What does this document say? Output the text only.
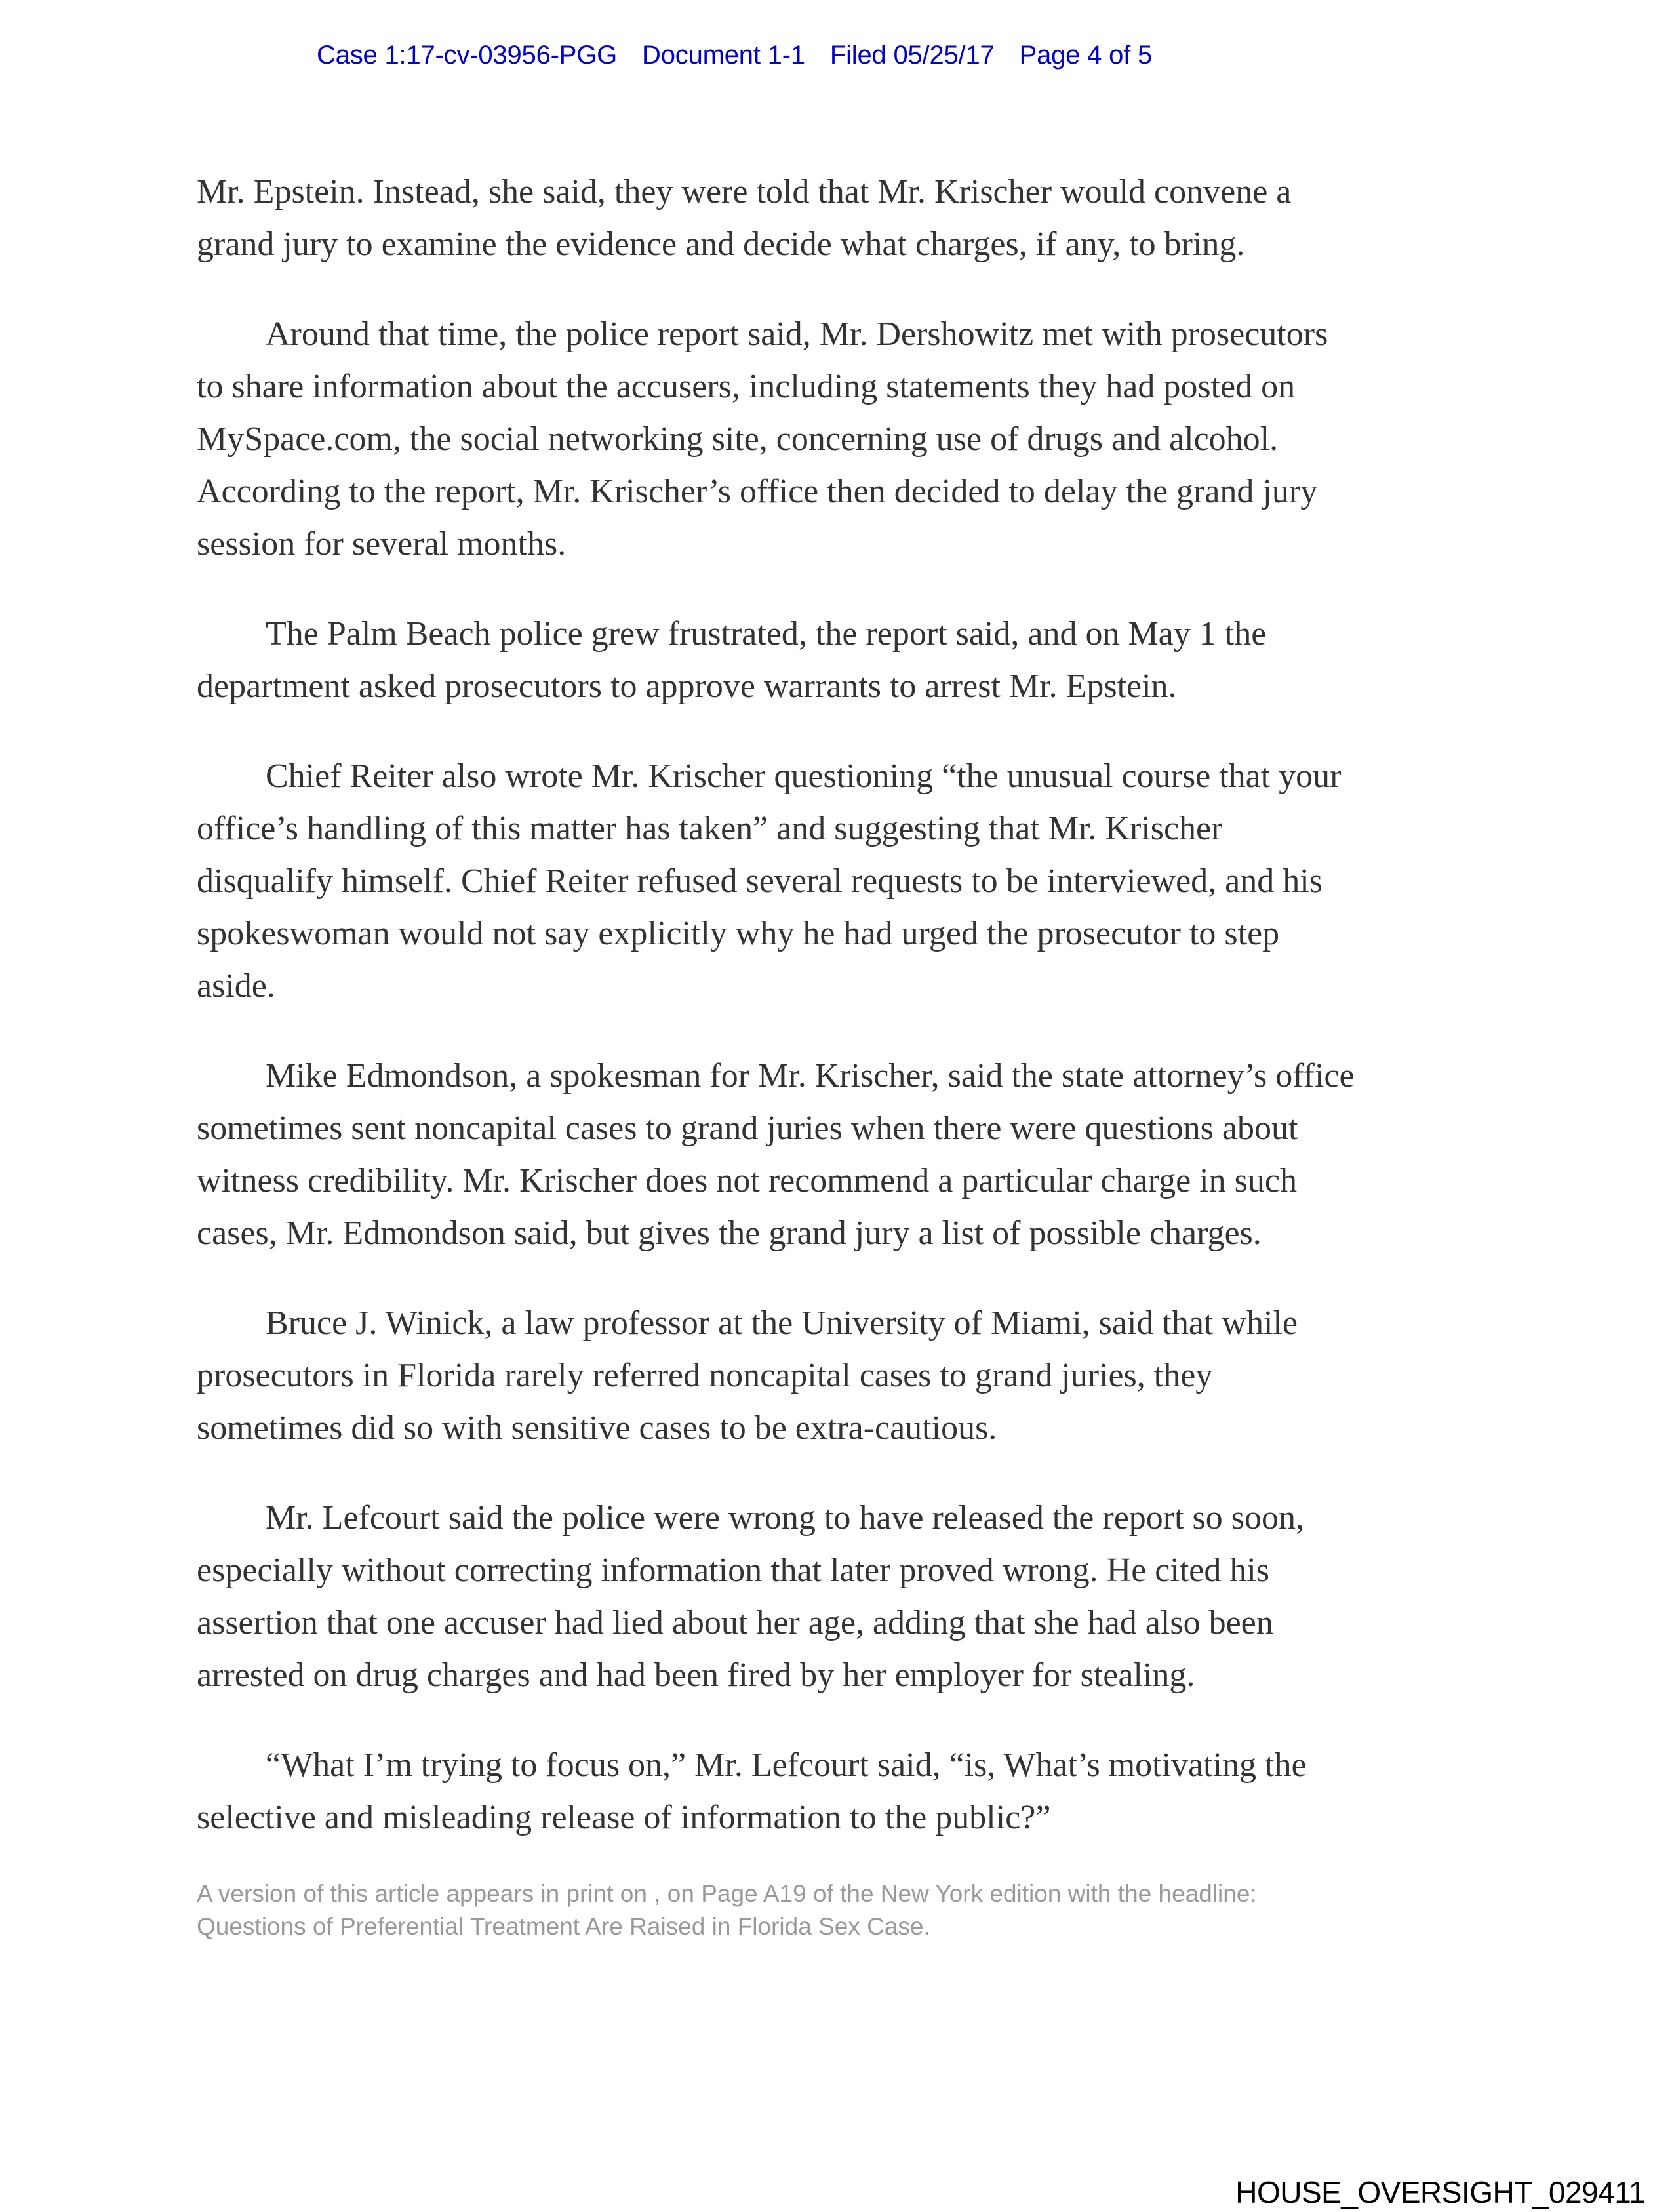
Case 1:17-cv-03956-PGG Document 1-1 Filed 05/25/17 Page 4 of 5
Mr. Epstein. Instead, she said, they were told that Mr. Krischer would convene a
grand jury to examine the evidence and decide what charges, if any, to bring.
Around that time, the police report said, Mr. Dershowitz met with prosecutors
to share information about the accusers, including statements they had posted on
MySpace.com, the social networking site, concerning use of drugs and alcohol.
According to the report, Mr. Krischer’s office then decided to delay the grand jury
session for several months.
The Palm Beach police grew frustrated, the report said, and on May 1 the
department asked prosecutors to approve warrants to arrest Mr. Epstein.
Chief Reiter also wrote Mr. Krischer questioning “the unusual course that your
office’s handling of this matter has taken” and suggesting that Mr. Krischer
disqualify himself. Chief Reiter refused several requests to be interviewed, and his
spokeswoman would not say explicitly why he had urged the prosecutor to step
aside.
Mike Edmondson, a spokesman for Mr. Krischer, said the state attorney’s office
sometimes sent noncapital cases to grand juries when there were questions about
witness credibility. Mr. Krischer does not recommend a particular charge in such
cases, Mr. Edmondson said, but gives the grand jury a list of possible charges.
Bruce J. Winick, a law professor at the University of Miami, said that while
prosecutors in Florida rarely referred noncapital cases to grand juries, they
sometimes did so with sensitive cases to be extra-cautious.
Mr. Lefcourt said the police were wrong to have released the report so soon,
especially without correcting information that later proved wrong. He cited his
assertion that one accuser had lied about her age, adding that she had also been
arrested on drug charges and had been fired by her employer for stealing.
“What I’m trying to focus on,” Mr. Lefcourt said, “is, What’s motivating the
selective and misleading release of information to the public?”
A version of this article appears in print on , on Page A19 of the New York edition with the headline:
Questions of Preferential Treatment Are Raised in Florida Sex Case.
HOUSE_OVERSIGHT_029411
